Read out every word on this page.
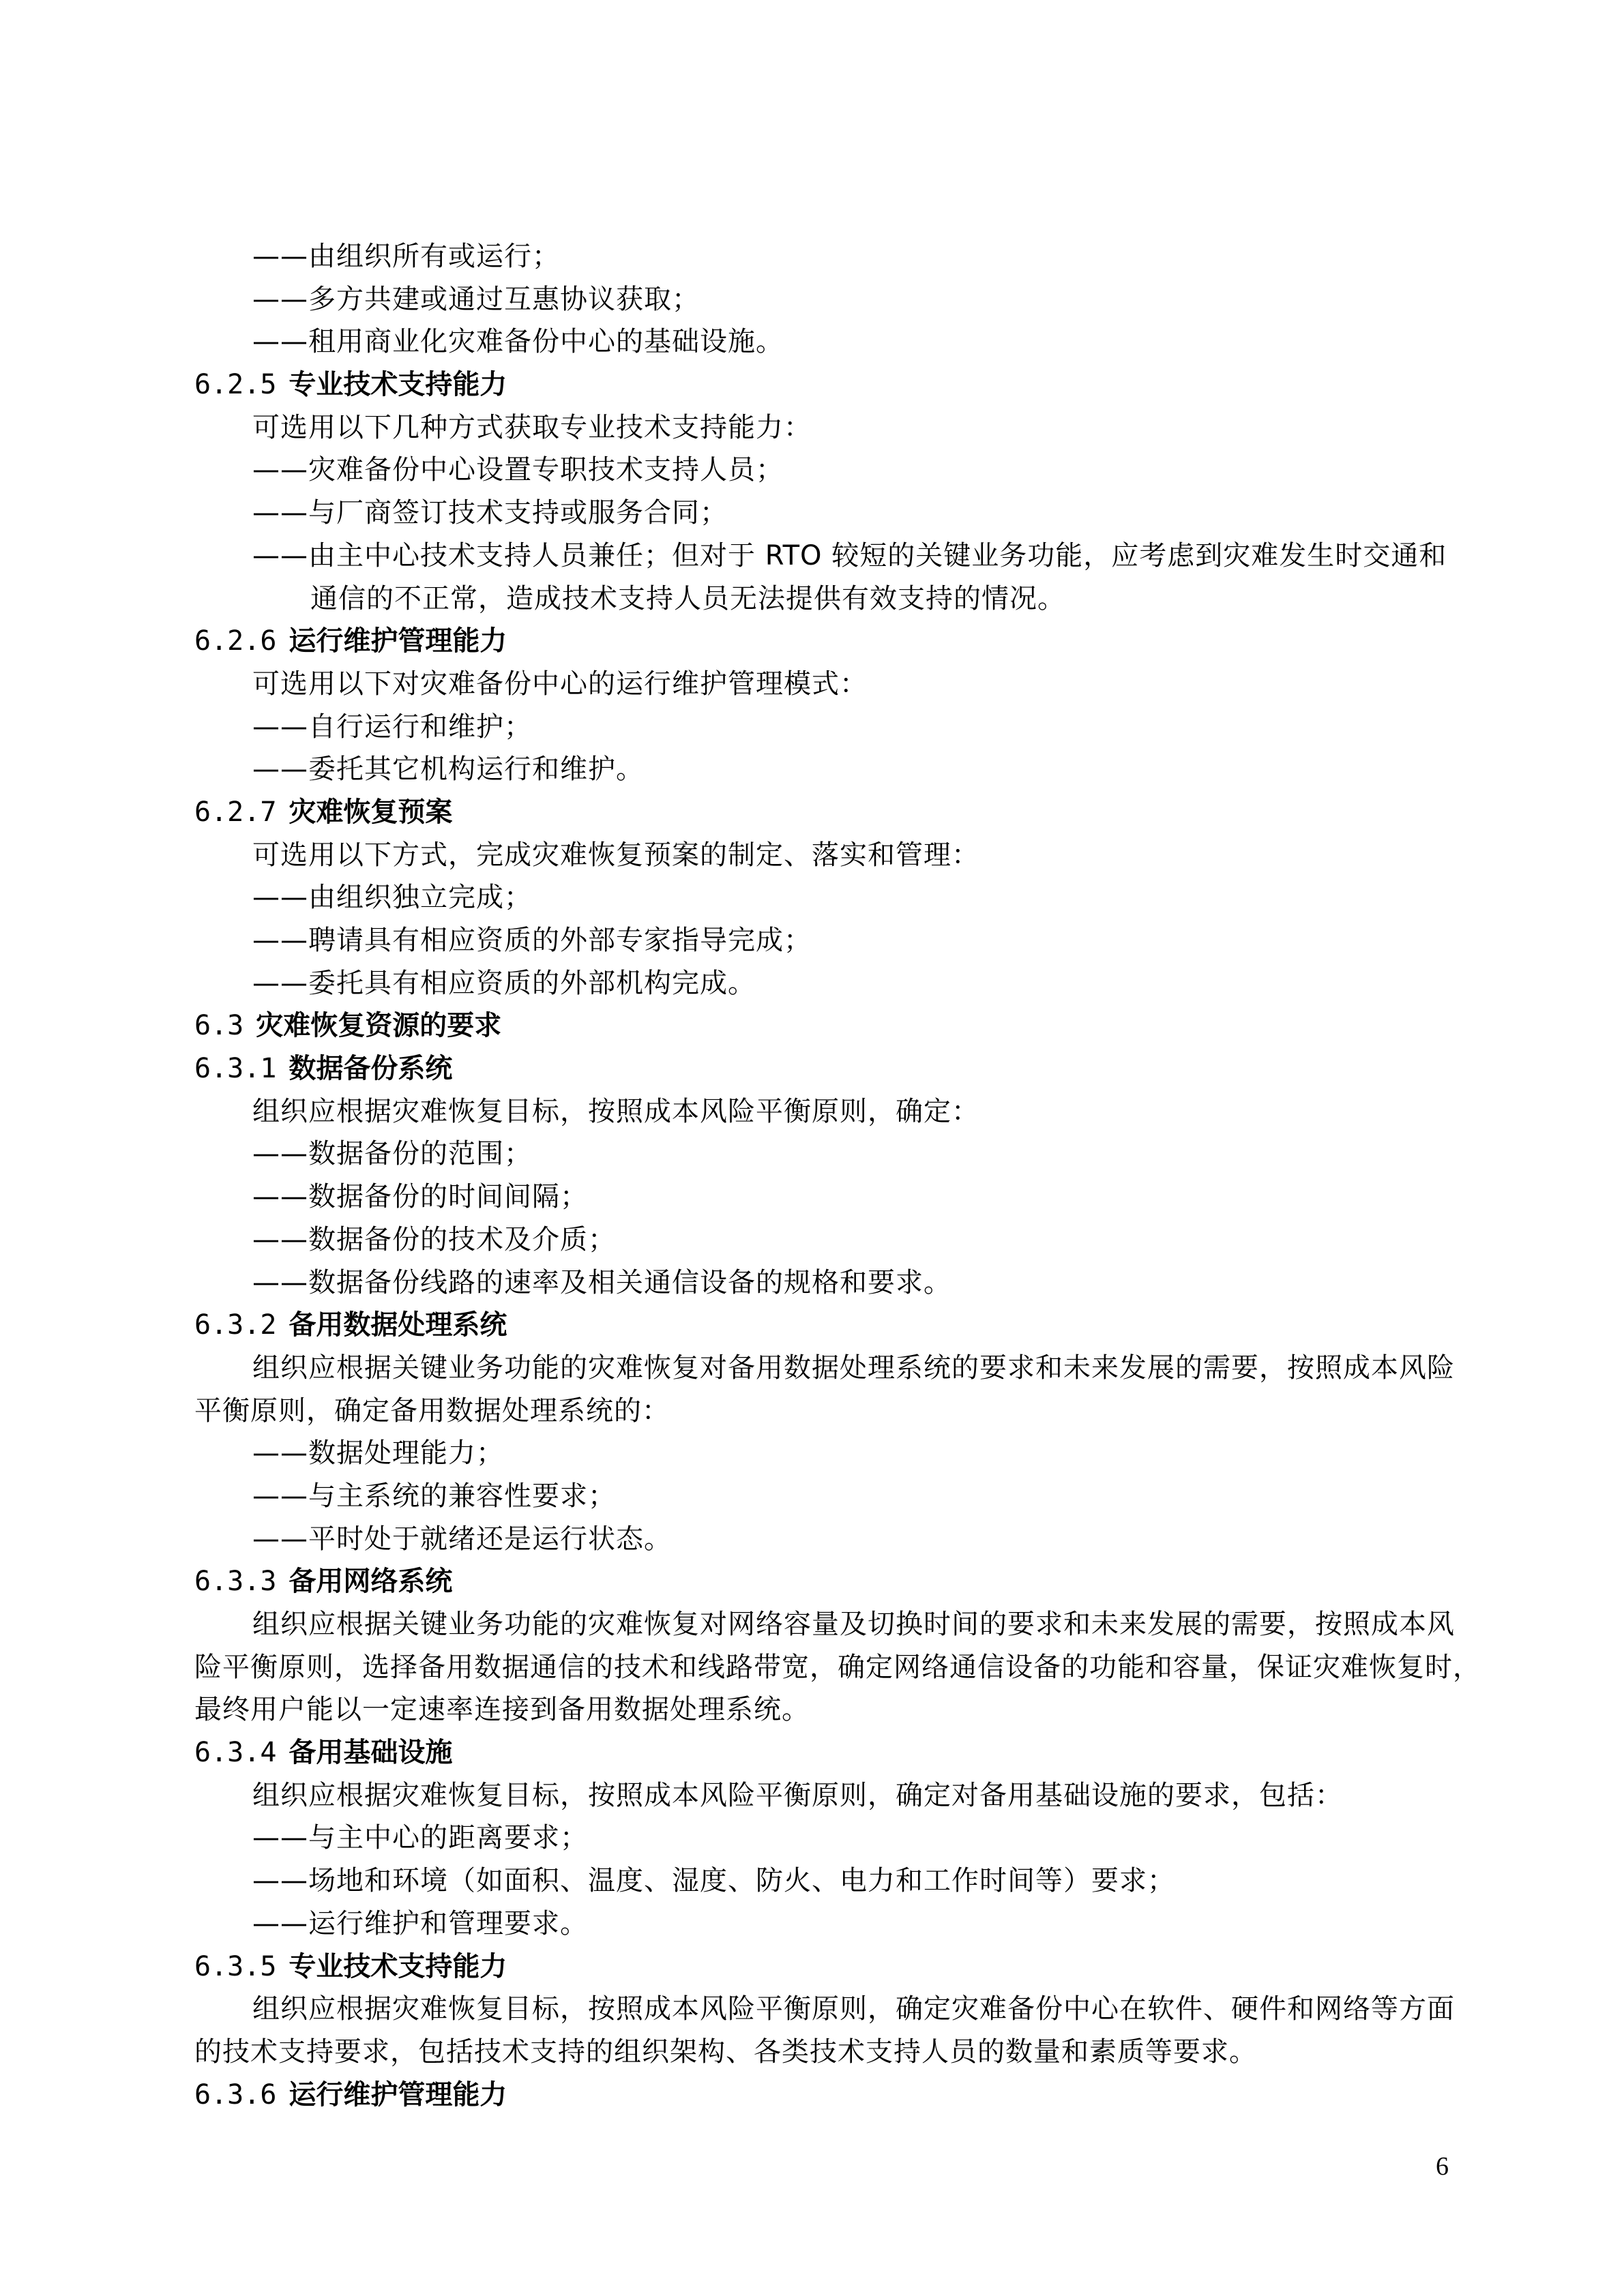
——由组织所有或运行；
——多方共建或通过互惠协议获取；
——租用商业化灾难备份中心的基础设施。
6.2.5 专业技术支持能力
可选用以下几种方式获取专业技术支持能力：
——灾难备份中心设置专职技术支持人员；
——与厂商签订技术支持或服务合同；
——由主中心技术支持人员兼任；但对于 RTO 较短的关键业务功能，应考虑到灾难发生时交通和
通信的不正常，造成技术支持人员无法提供有效支持的情况。
6.2.6 运行维护管理能力
可选用以下对灾难备份中心的运行维护管理模式：
——自行运行和维护；
——委托其它机构运行和维护。
6.2.7 灾难恢复预案
可选用以下方式，完成灾难恢复预案的制定、落实和管理：
——由组织独立完成；
——聘请具有相应资质的外部专家指导完成；
——委托具有相应资质的外部机构完成。
6.3 灾难恢复资源的要求
6.3.1 数据备份系统
组织应根据灾难恢复目标，按照成本风险平衡原则，确定：
——数据备份的范围；
——数据备份的时间间隔；
——数据备份的技术及介质；
——数据备份线路的速率及相关通信设备的规格和要求。
6.3.2 备用数据处理系统
组织应根据关键业务功能的灾难恢复对备用数据处理系统的要求和未来发展的需要，按照成本风险
平衡原则，确定备用数据处理系统的：
——数据处理能力；
——与主系统的兼容性要求；
——平时处于就绪还是运行状态。
6.3.3 备用网络系统
组织应根据关键业务功能的灾难恢复对网络容量及切换时间的要求和未来发展的需要，按照成本风
险平衡原则，选择备用数据通信的技术和线路带宽，确定网络通信设备的功能和容量，保证灾难恢复时，
最终用户能以一定速率连接到备用数据处理系统。
6.3.4 备用基础设施
组织应根据灾难恢复目标，按照成本风险平衡原则，确定对备用基础设施的要求，包括：
——与主中心的距离要求；
——场地和环境（如面积、温度、湿度、防火、电力和工作时间等）要求；
——运行维护和管理要求。
6.3.5 专业技术支持能力
组织应根据灾难恢复目标，按照成本风险平衡原则，确定灾难备份中心在软件、硬件和网络等方面
的技术支持要求，包括技术支持的组织架构、各类技术支持人员的数量和素质等要求。
6.3.6 运行维护管理能力
6
